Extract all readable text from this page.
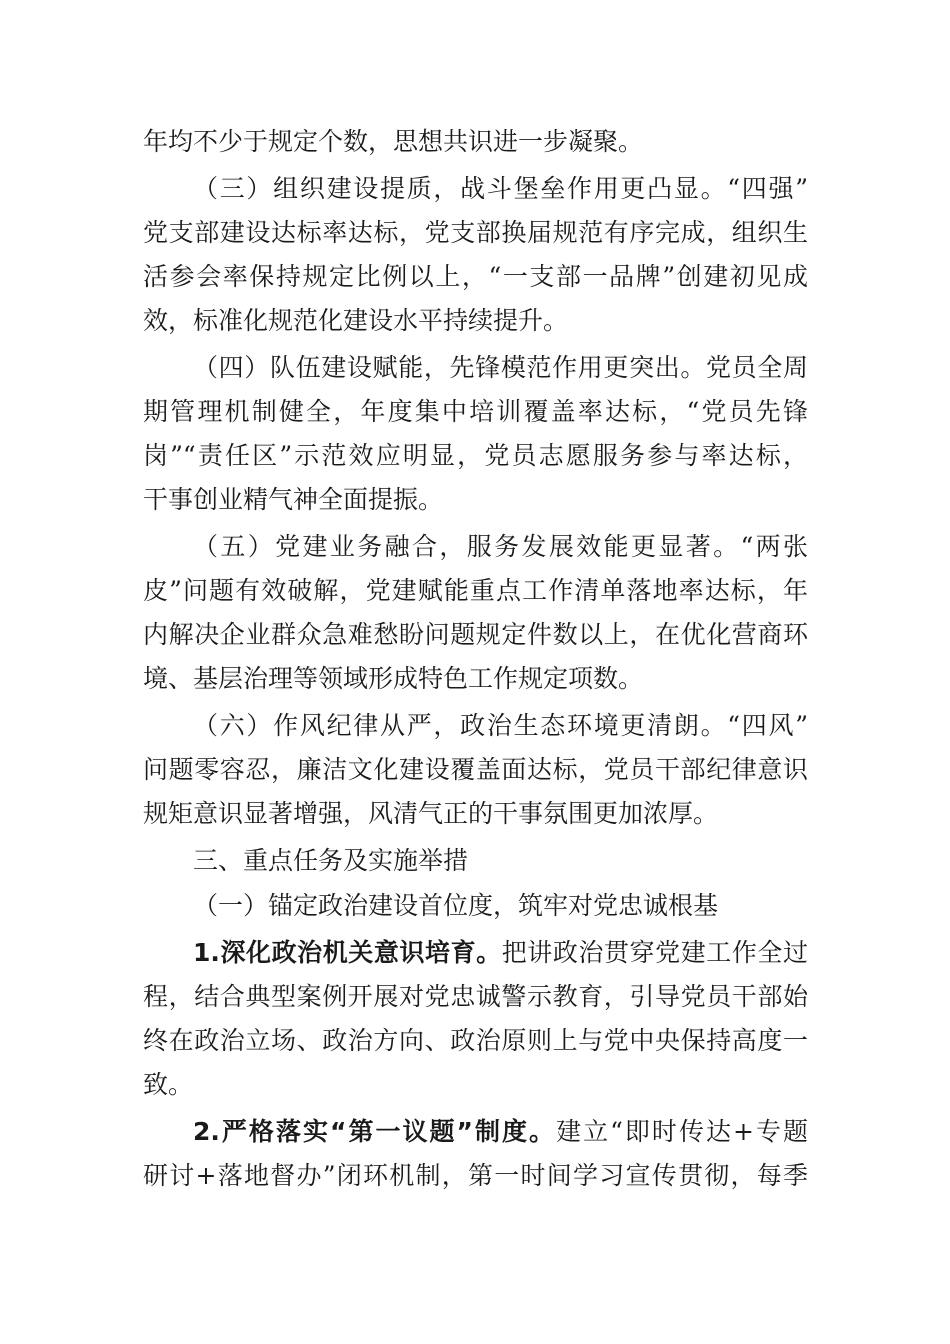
年均不少于规定个数，思想共识进一步凝聚。
（三）组织建设提质，战斗堡垒作用更凸显。“四强”
党支部建设达标率达标，党支部换届规范有序完成，组织生
活参会率保持规定比例以上，“一支部一品牌”创建初见成
效，标准化规范化建设水平持续提升。
（四）队伍建设赋能，先锋模范作用更突出。党员全周
期管理机制健全，年度集中培训覆盖率达标，“党员先锋
岗”“责任区”示范效应明显，党员志愿服务参与率达标，
干事创业精气神全面提振。
（五）党建业务融合，服务发展效能更显著。“两张
皮”问题有效破解，党建赋能重点工作清单落地率达标，年
内解决企业群众急难愁盼问题规定件数以上，在优化营商环
境、基层治理等领域形成特色工作规定项数。
（六）作风纪律从严，政治生态环境更清朗。“四风”
问题零容忍，廉洁文化建设覆盖面达标，党员干部纪律意识
规矩意识显著增强，风清气正的干事氛围更加浓厚。
三、重点任务及实施举措
（一）锚定政治建设首位度，筑牢对党忠诚根基
1.深化政治机关意识培育。把讲政治贯穿党建工作全过
程，结合典型案例开展对党忠诚警示教育，引导党员干部始
终在政治立场、政治方向、政治原则上与党中央保持高度一
致。
2.严格落实“第一议题”制度。建立“即时传达+专题
研讨+落地督办”闭环机制，第一时间学习宣传贯彻，每季
